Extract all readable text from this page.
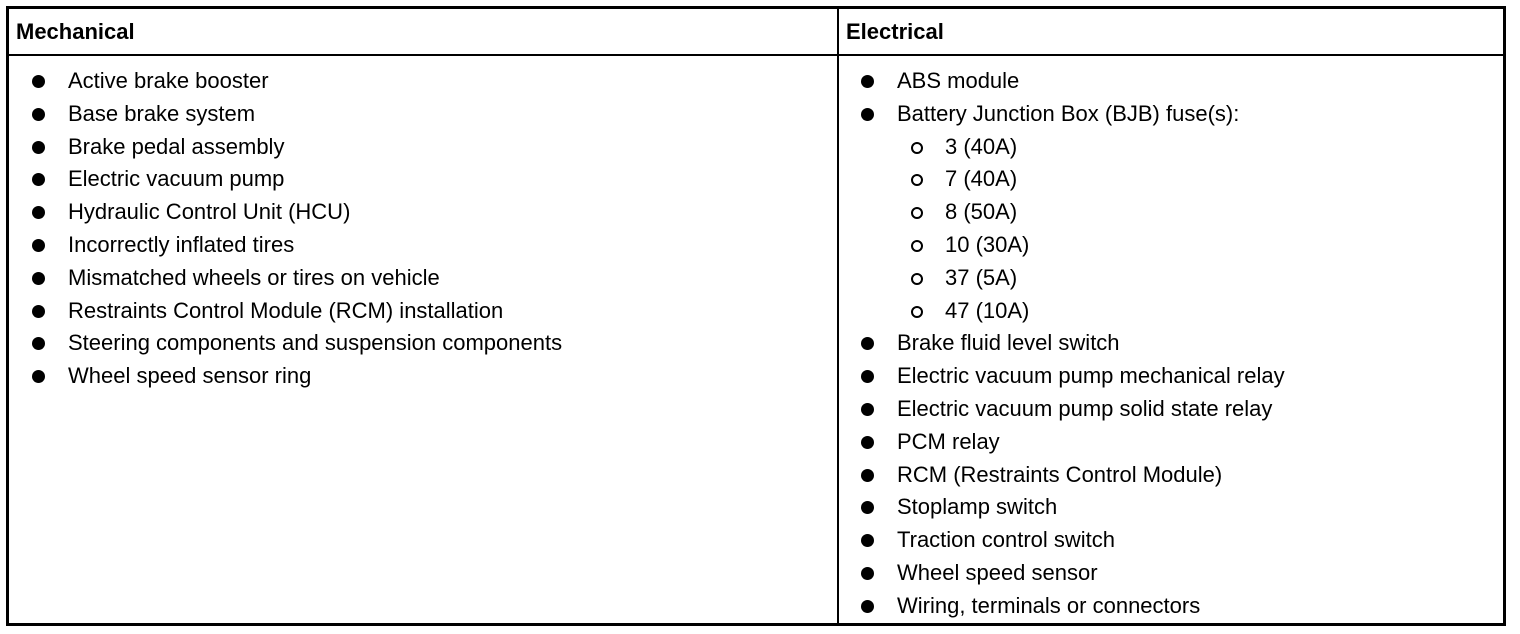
Mechanical	Electrical
Active brake booster
Base brake system
Brake pedal assembly
Electric vacuum pump
Hydraulic Control Unit (HCU)
Incorrectly inflated tires
Mismatched wheels or tires on vehicle
Restraints Control Module (RCM) installation
Steering components and suspension components
Wheel speed sensor ring
ABS module
Battery Junction Box (BJB) fuse(s):
3 (40A)
7 (40A)
8 (50A)
10 (30A)
37 (5A)
47 (10A)
Brake fluid level switch
Electric vacuum pump mechanical relay
Electric vacuum pump solid state relay
PCM relay
RCM (Restraints Control Module)
Stoplamp switch
Traction control switch
Wheel speed sensor
Wiring, terminals or connectors
